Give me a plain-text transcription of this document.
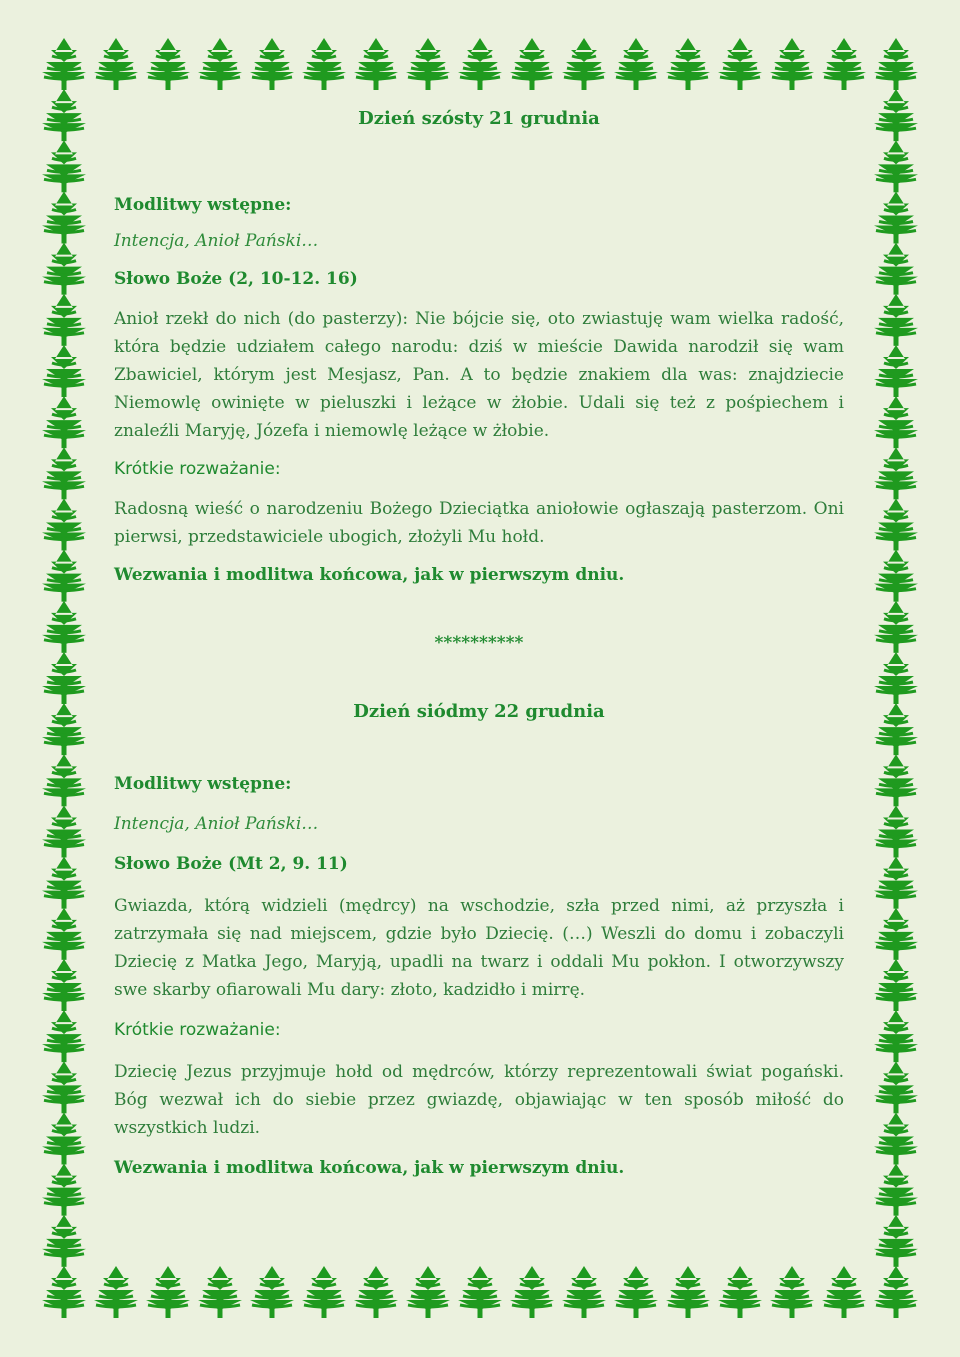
Dzień szósty 21 grudnia

Modlitwy wstępne:

Intencja, Anioł Pański…

Słowo Boże (2, 10-12. 16)

Anioł rzekł do nich (do pasterzy): Nie bójcie się, oto zwiastuję wam wielka radość, która będzie udziałem całego narodu: dziś w mieście Dawida narodził się wam Zbawiciel, którym jest Mesjasz, Pan. A to będzie znakiem dla was: znajdziecie Niemowlę owinięte w pieluszki i leżące w żłobie. Udali się też z pośpiechem i znaleźli Maryję, Józefa i niemowlę leżące w żłobie.

Krótkie rozważanie:

Radosną wieść o narodzeniu Bożego Dzieciątka aniołowie ogłaszają pasterzom. Oni pierwsi, przedstawiciele ubogich, złożyli Mu hołd.

Wezwania i modlitwa końcowa, jak w pierwszym dniu.

**********

Dzień siódmy 22 grudnia

Modlitwy wstępne:

Intencja, Anioł Pański…

Słowo Boże (Mt 2, 9. 11)

Gwiazda, którą widzieli (mędrcy) na wschodzie, szła przed nimi, aż przyszła i zatrzymała się nad miejscem, gdzie było Dziecię. (…) Weszli do domu i zobaczyli Dziecię z Matka Jego, Maryją, upadli na twarz i oddali Mu pokłon. I otworzywszy swe skarby ofiarowali Mu dary: złoto, kadzidło i mirrę.

Krótkie rozważanie:

Dziecię Jezus przyjmuje hołd od mędrców, którzy reprezentowali świat pogański. Bóg wezwał ich do siebie przez gwiazdę, objawiając w ten sposób miłość do wszystkich ludzi.

Wezwania i modlitwa końcowa, jak w pierwszym dniu.
